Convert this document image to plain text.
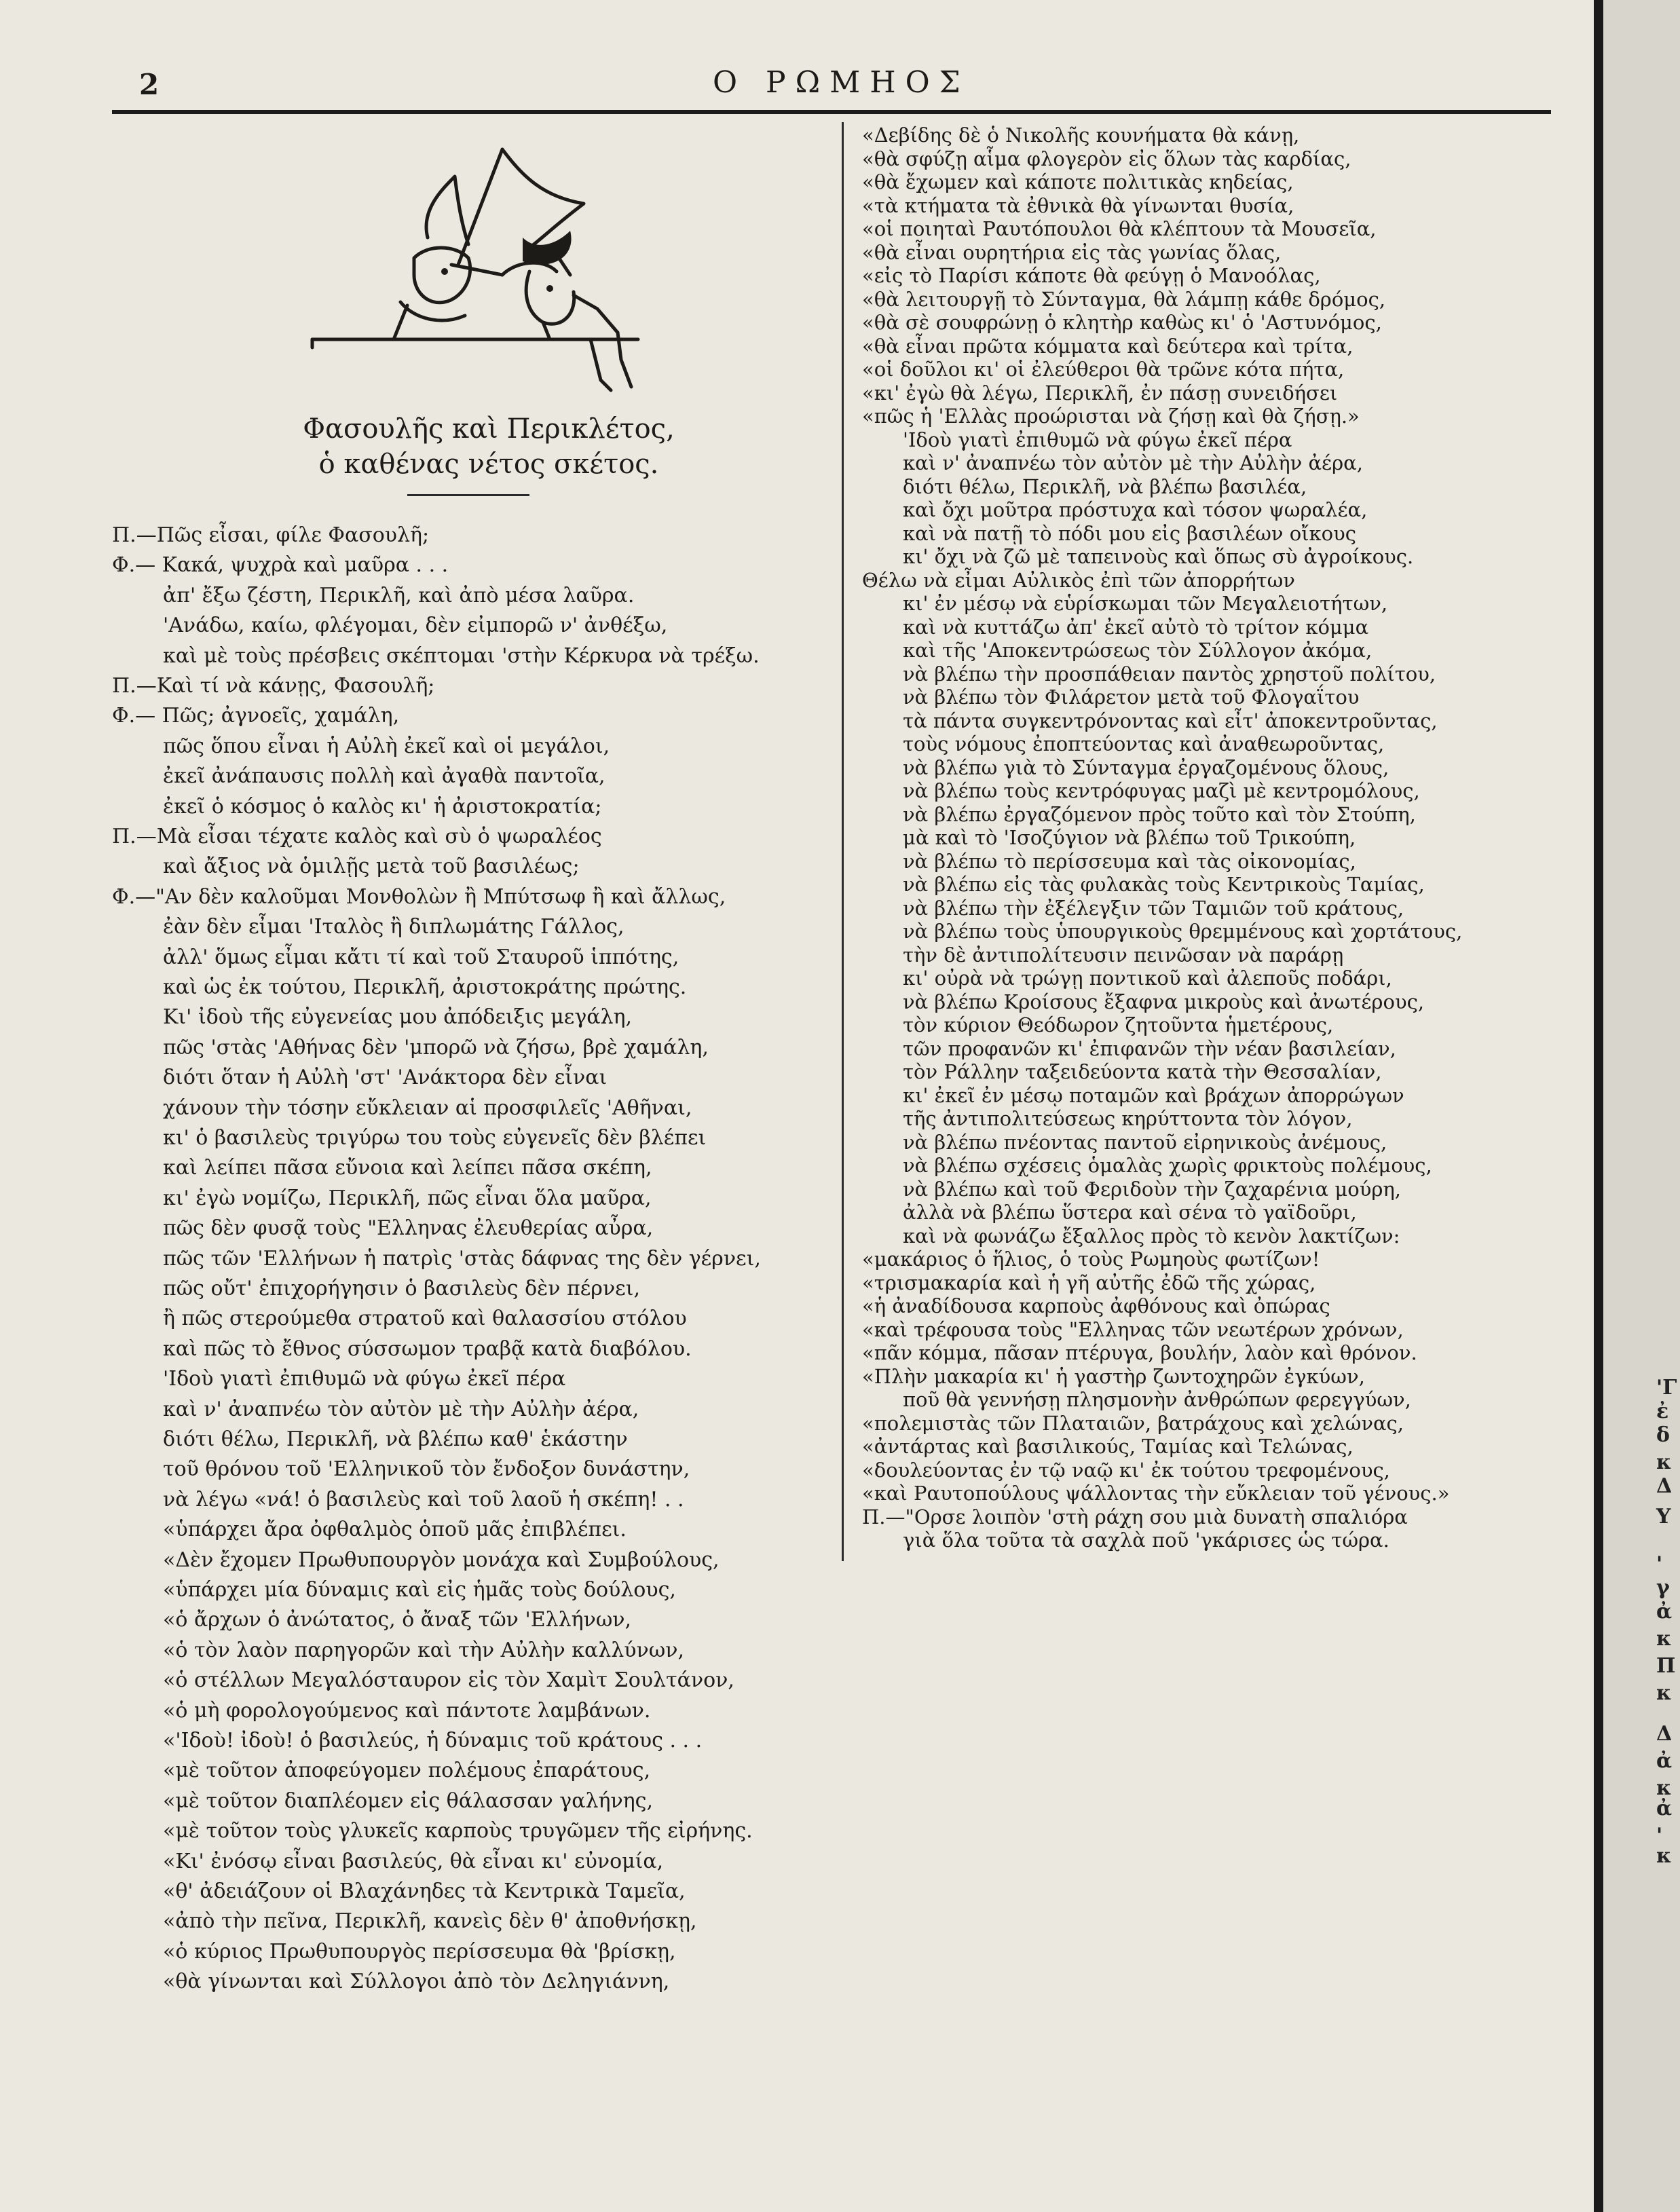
'Γ
ἐ
δ
κ
Δ
Υ
'
γ
ἀ
κ
Π
κ
Δ
ἀ
κ
ἀ
'
κ
2	Ο ΡΩΜΗΟΣ
Φασουλῆς καὶ Περικλέτος,
ὁ καθένας νέτος σκέτος.
Π.—Πῶς εἶσαι, φίλε Φασουλῆ;
Φ.— Κακά, ψυχρὰ καὶ μαῦρα . . .
ἀπ' ἔξω ζέστη, Περικλῆ, καὶ ἀπὸ μέσα λαῦρα.
'Ανάδω, καίω, φλέγομαι, δὲν εἰμπορῶ ν' ἀνθέξω,
καὶ μὲ τοὺς πρέσβεις σκέπτομαι 'στὴν Κέρκυρα νὰ τρέξω.
Π.—Καὶ τί νὰ κάνῃς, Φασουλῆ;
Φ.— Πῶς; ἀγνοεῖς, χαμάλη,
πῶς ὅπου εἶναι ἡ Αὐλὴ ἐκεῖ καὶ οἱ μεγάλοι,
ἐκεῖ ἀνάπαυσις πολλὴ καὶ ἀγαθὰ παντοῖα,
ἐκεῖ ὁ κόσμος ὁ καλὸς κι' ἡ ἀριστοκρατία;
Π.—Μὰ εἶσαι τέχατε καλὸς καὶ σὺ ὁ ψωραλέος
καὶ ἄξιος νὰ ὁμιλῇς μετὰ τοῦ βασιλέως;
Φ.—"Αν δὲν καλοῦμαι Μονθολὼν ἢ Μπύτσωφ ἢ καὶ ἄλλως,
ἐὰν δὲν εἶμαι 'Ιταλὸς ἢ διπλωμάτης Γάλλος,
ἀλλ' ὅμως εἶμαι κἄτι τί καὶ τοῦ Σταυροῦ ἱππότης,
καὶ ὡς ἐκ τούτου, Περικλῆ, ἀριστοκράτης πρώτης.
Κι' ἰδοὺ τῆς εὐγενείας μου ἀπόδειξις μεγάλη,
πῶς 'στὰς 'Αθήνας δὲν 'μπορῶ νὰ ζήσω, βρὲ χαμάλη,
διότι ὅταν ἡ Αὐλὴ 'στ' 'Ανάκτορα δὲν εἶναι
χάνουν τὴν τόσην εὔκλειαν αἱ προσφιλεῖς 'Αθῆναι,
κι' ὁ βασιλεὺς τριγύρω του τοὺς εὐγενεῖς δὲν βλέπει
καὶ λείπει πᾶσα εὔνοια καὶ λείπει πᾶσα σκέπη,
κι' ἐγὼ νομίζω, Περικλῆ, πῶς εἶναι ὅλα μαῦρα,
πῶς δὲν φυσᾷ τοὺς "Ελληνας ἐλευθερίας αὖρα,
πῶς τῶν 'Ελλήνων ἡ πατρὶς 'στὰς δάφνας της δὲν γέρνει,
πῶς οὔτ' ἐπιχορήγησιν ὁ βασιλεὺς δὲν πέρνει,
ἢ πῶς στερούμεθα στρατοῦ καὶ θαλασσίου στόλου
καὶ πῶς τὸ ἔθνος σύσσωμον τραβᾷ κατὰ διαβόλου.
'Ιδοὺ γιατὶ ἐπιθυμῶ νὰ φύγω ἐκεῖ πέρα
καὶ ν' ἀναπνέω τὸν αὐτὸν μὲ τὴν Αὐλὴν ἀέρα,
διότι θέλω, Περικλῆ, νὰ βλέπω καθ' ἑκάστην
τοῦ θρόνου τοῦ 'Ελληνικοῦ τὸν ἔνδοξον δυνάστην,
νὰ λέγω «νά! ὁ βασιλεὺς καὶ τοῦ λαοῦ ἡ σκέπη! . .
«ὑπάρχει ἄρα ὀφθαλμὸς ὁποῦ μᾶς ἐπιβλέπει.
«Δὲν ἔχομεν Πρωθυπουργὸν μονάχα καὶ Συμβούλους,
«ὑπάρχει μία δύναμις καὶ εἰς ἡμᾶς τοὺς δούλους,
«ὁ ἄρχων ὁ ἀνώτατος, ὁ ἄναξ τῶν 'Ελλήνων,
«ὁ τὸν λαὸν παρηγορῶν καὶ τὴν Αὐλὴν καλλύνων,
«ὁ στέλλων Μεγαλόσταυρον εἰς τὸν Χαμὶτ Σουλτάνον,
«ὁ μὴ φορολογούμενος καὶ πάντοτε λαμβάνων.
«'Ιδοὺ! ἰδοὺ! ὁ βασιλεύς, ἡ δύναμις τοῦ κράτους . . .
«μὲ τοῦτον ἀποφεύγομεν πολέμους ἐπαράτους,
«μὲ τοῦτον διαπλέομεν εἰς θάλασσαν γαλήνης,
«μὲ τοῦτον τοὺς γλυκεῖς καρποὺς τρυγῶμεν τῆς εἰρήνης.
«Κι' ἐνόσῳ εἶναι βασιλεύς, θὰ εἶναι κι' εὐνομία,
«θ' ἀδειάζουν οἱ Βλαχάνηδες τὰ Κεντρικὰ Ταμεῖα,
«ἀπὸ τὴν πεῖνα, Περικλῆ, κανεὶς δὲν θ' ἀποθνήσκῃ,
«ὁ κύριος Πρωθυπουργὸς περίσσευμα θὰ 'βρίσκῃ,
«θὰ γίνωνται καὶ Σύλλογοι ἀπὸ τὸν Δεληγιάννη,
«Δεβίδης δὲ ὁ Νικολῆς κουνήματα θὰ κάνῃ,
«θὰ σφύζῃ αἷμα φλογερὸν εἰς ὅλων τὰς καρδίας,
«θὰ ἔχωμεν καὶ κάποτε πολιτικὰς κηδείας,
«τὰ κτήματα τὰ ἐθνικὰ θὰ γίνωνται θυσία,
«οἱ ποιηταὶ Ραυτόπουλοι θὰ κλέπτουν τὰ Μουσεῖα,
«θὰ εἶναι ουρητήρια εἰς τὰς γωνίας ὅλας,
«εἰς τὸ Παρίσι κάποτε θὰ φεύγῃ ὁ Μανοόλας,
«θὰ λειτουργῇ τὸ Σύνταγμα, θὰ λάμπῃ κάθε δρόμος,
«θὰ σὲ σουφρώνῃ ὁ κλητὴρ καθὼς κι' ὁ 'Αστυνόμος,
«θὰ εἶναι πρῶτα κόμματα καὶ δεύτερα καὶ τρίτα,
«οἱ δοῦλοι κι' οἱ ἐλεύθεροι θὰ τρῶνε κότα πήτα,
«κι' ἐγὼ θὰ λέγω, Περικλῆ, ἐν πάσῃ συνειδήσει
«πῶς ἡ 'Ελλὰς προώρισται νὰ ζήσῃ καὶ θὰ ζήσῃ.»
'Ιδοὺ γιατὶ ἐπιθυμῶ νὰ φύγω ἐκεῖ πέρα
καὶ ν' ἀναπνέω τὸν αὐτὸν μὲ τὴν Αὐλὴν ἀέρα,
διότι θέλω, Περικλῆ, νὰ βλέπω βασιλέα,
καὶ ὄχι μοῦτρα πρόστυχα καὶ τόσον ψωραλέα,
καὶ νὰ πατῇ τὸ πόδι μου εἰς βασιλέων οἴκους
κι' ὄχι νὰ ζῶ μὲ ταπεινοὺς καὶ ὅπως σὺ ἀγροίκους.
Θέλω νὰ εἶμαι Αὐλικὸς ἐπὶ τῶν ἀπορρήτων
κι' ἐν μέσῳ νὰ εὑρίσκωμαι τῶν Μεγαλειοτήτων,
καὶ νὰ κυττάζω ἀπ' ἐκεῖ αὐτὸ τὸ τρίτον κόμμα
καὶ τῆς 'Αποκεντρώσεως τὸν Σύλλογον ἀκόμα,
νὰ βλέπω τὴν προσπάθειαν παντὸς χρηστοῦ πολίτου,
νὰ βλέπω τὸν Φιλάρετον μετὰ τοῦ Φλογαΐτου
τὰ πάντα συγκεντρόνοντας καὶ εἶτ' ἀποκεντροῦντας,
τοὺς νόμους ἐποπτεύοντας καὶ ἀναθεωροῦντας,
νὰ βλέπω γιὰ τὸ Σύνταγμα ἐργαζομένους ὅλους,
νὰ βλέπω τοὺς κεντρόφυγας μαζὶ μὲ κεντρομόλους,
νὰ βλέπω ἐργαζόμενον πρὸς τοῦτο καὶ τὸν Στούπη,
μὰ καὶ τὸ 'Ισοζύγιον νὰ βλέπω τοῦ Τρικούπη,
νὰ βλέπω τὸ περίσσευμα καὶ τὰς οἰκονομίας,
νὰ βλέπω εἰς τὰς φυλακὰς τοὺς Κεντρικοὺς Ταμίας,
νὰ βλέπω τὴν ἐξέλεγξιν τῶν Ταμιῶν τοῦ κράτους,
νὰ βλέπω τοὺς ὑπουργικοὺς θρεμμένους καὶ χορτάτους,
τὴν δὲ ἀντιπολίτευσιν πεινῶσαν νὰ παράρῃ
κι' οὐρὰ νὰ τρώγῃ ποντικοῦ καὶ ἀλεποῦς ποδάρι,
νὰ βλέπω Κροίσους ἔξαφνα μικροὺς καὶ ἀνωτέρους,
τὸν κύριον Θεόδωρον ζητοῦντα ἡμετέρους,
τῶν προφανῶν κι' ἐπιφανῶν τὴν νέαν βασιλείαν,
τὸν Ράλλην ταξειδεύοντα κατὰ τὴν Θεσσαλίαν,
κι' ἐκεῖ ἐν μέσῳ ποταμῶν καὶ βράχων ἀπορρώγων
τῆς ἀντιπολιτεύσεως κηρύττοντα τὸν λόγον,
νὰ βλέπω πνέοντας παντοῦ εἰρηνικοὺς ἀνέμους,
νὰ βλέπω σχέσεις ὁμαλὰς χωρὶς φρικτοὺς πολέμους,
νὰ βλέπω καὶ τοῦ Φεριδοὺν τὴν ζαχαρένια μούρη,
ἀλλὰ νὰ βλέπω ὕστερα καὶ σένα τὸ γαϊδοῦρι,
καὶ νὰ φωνάζω ἔξαλλος πρὸς τὸ κενὸν λακτίζων:
«μακάριος ὁ ἥλιος, ὁ τοὺς Ρωμηοὺς φωτίζων!
«τρισμακαρία καὶ ἡ γῆ αὐτῆς ἐδῶ τῆς χώρας,
«ἡ ἀναδίδουσα καρποὺς ἀφθόνους καὶ ὀπώρας
«καὶ τρέφουσα τοὺς "Ελληνας τῶν νεωτέρων χρόνων,
«πᾶν κόμμα, πᾶσαν πτέρυγα, βουλήν, λαὸν καὶ θρόνον.
«Πλὴν μακαρία κι' ἡ γαστὴρ ζωντοχηρῶν ἐγκύων,
ποῦ θὰ γεννήσῃ πλησμονὴν ἀνθρώπων φερεγγύων,
«πολεμιστὰς τῶν Πλαταιῶν, βατράχους καὶ χελώνας,
«ἀντάρτας καὶ βασιλικούς, Ταμίας καὶ Τελώνας,
«δουλεύοντας ἐν τῷ ναῷ κι' ἐκ τούτου τρεφομένους,
«καὶ Ραυτοπούλους ψάλλοντας τὴν εὔκλειαν τοῦ γένους.»
Π.—"Ορσε λοιπὸν 'στὴ ράχη σου μιὰ δυνατὴ σπαλιόρα
γιὰ ὅλα τοῦτα τὰ σαχλὰ ποῦ 'γκάρισες ὡς τώρα.
